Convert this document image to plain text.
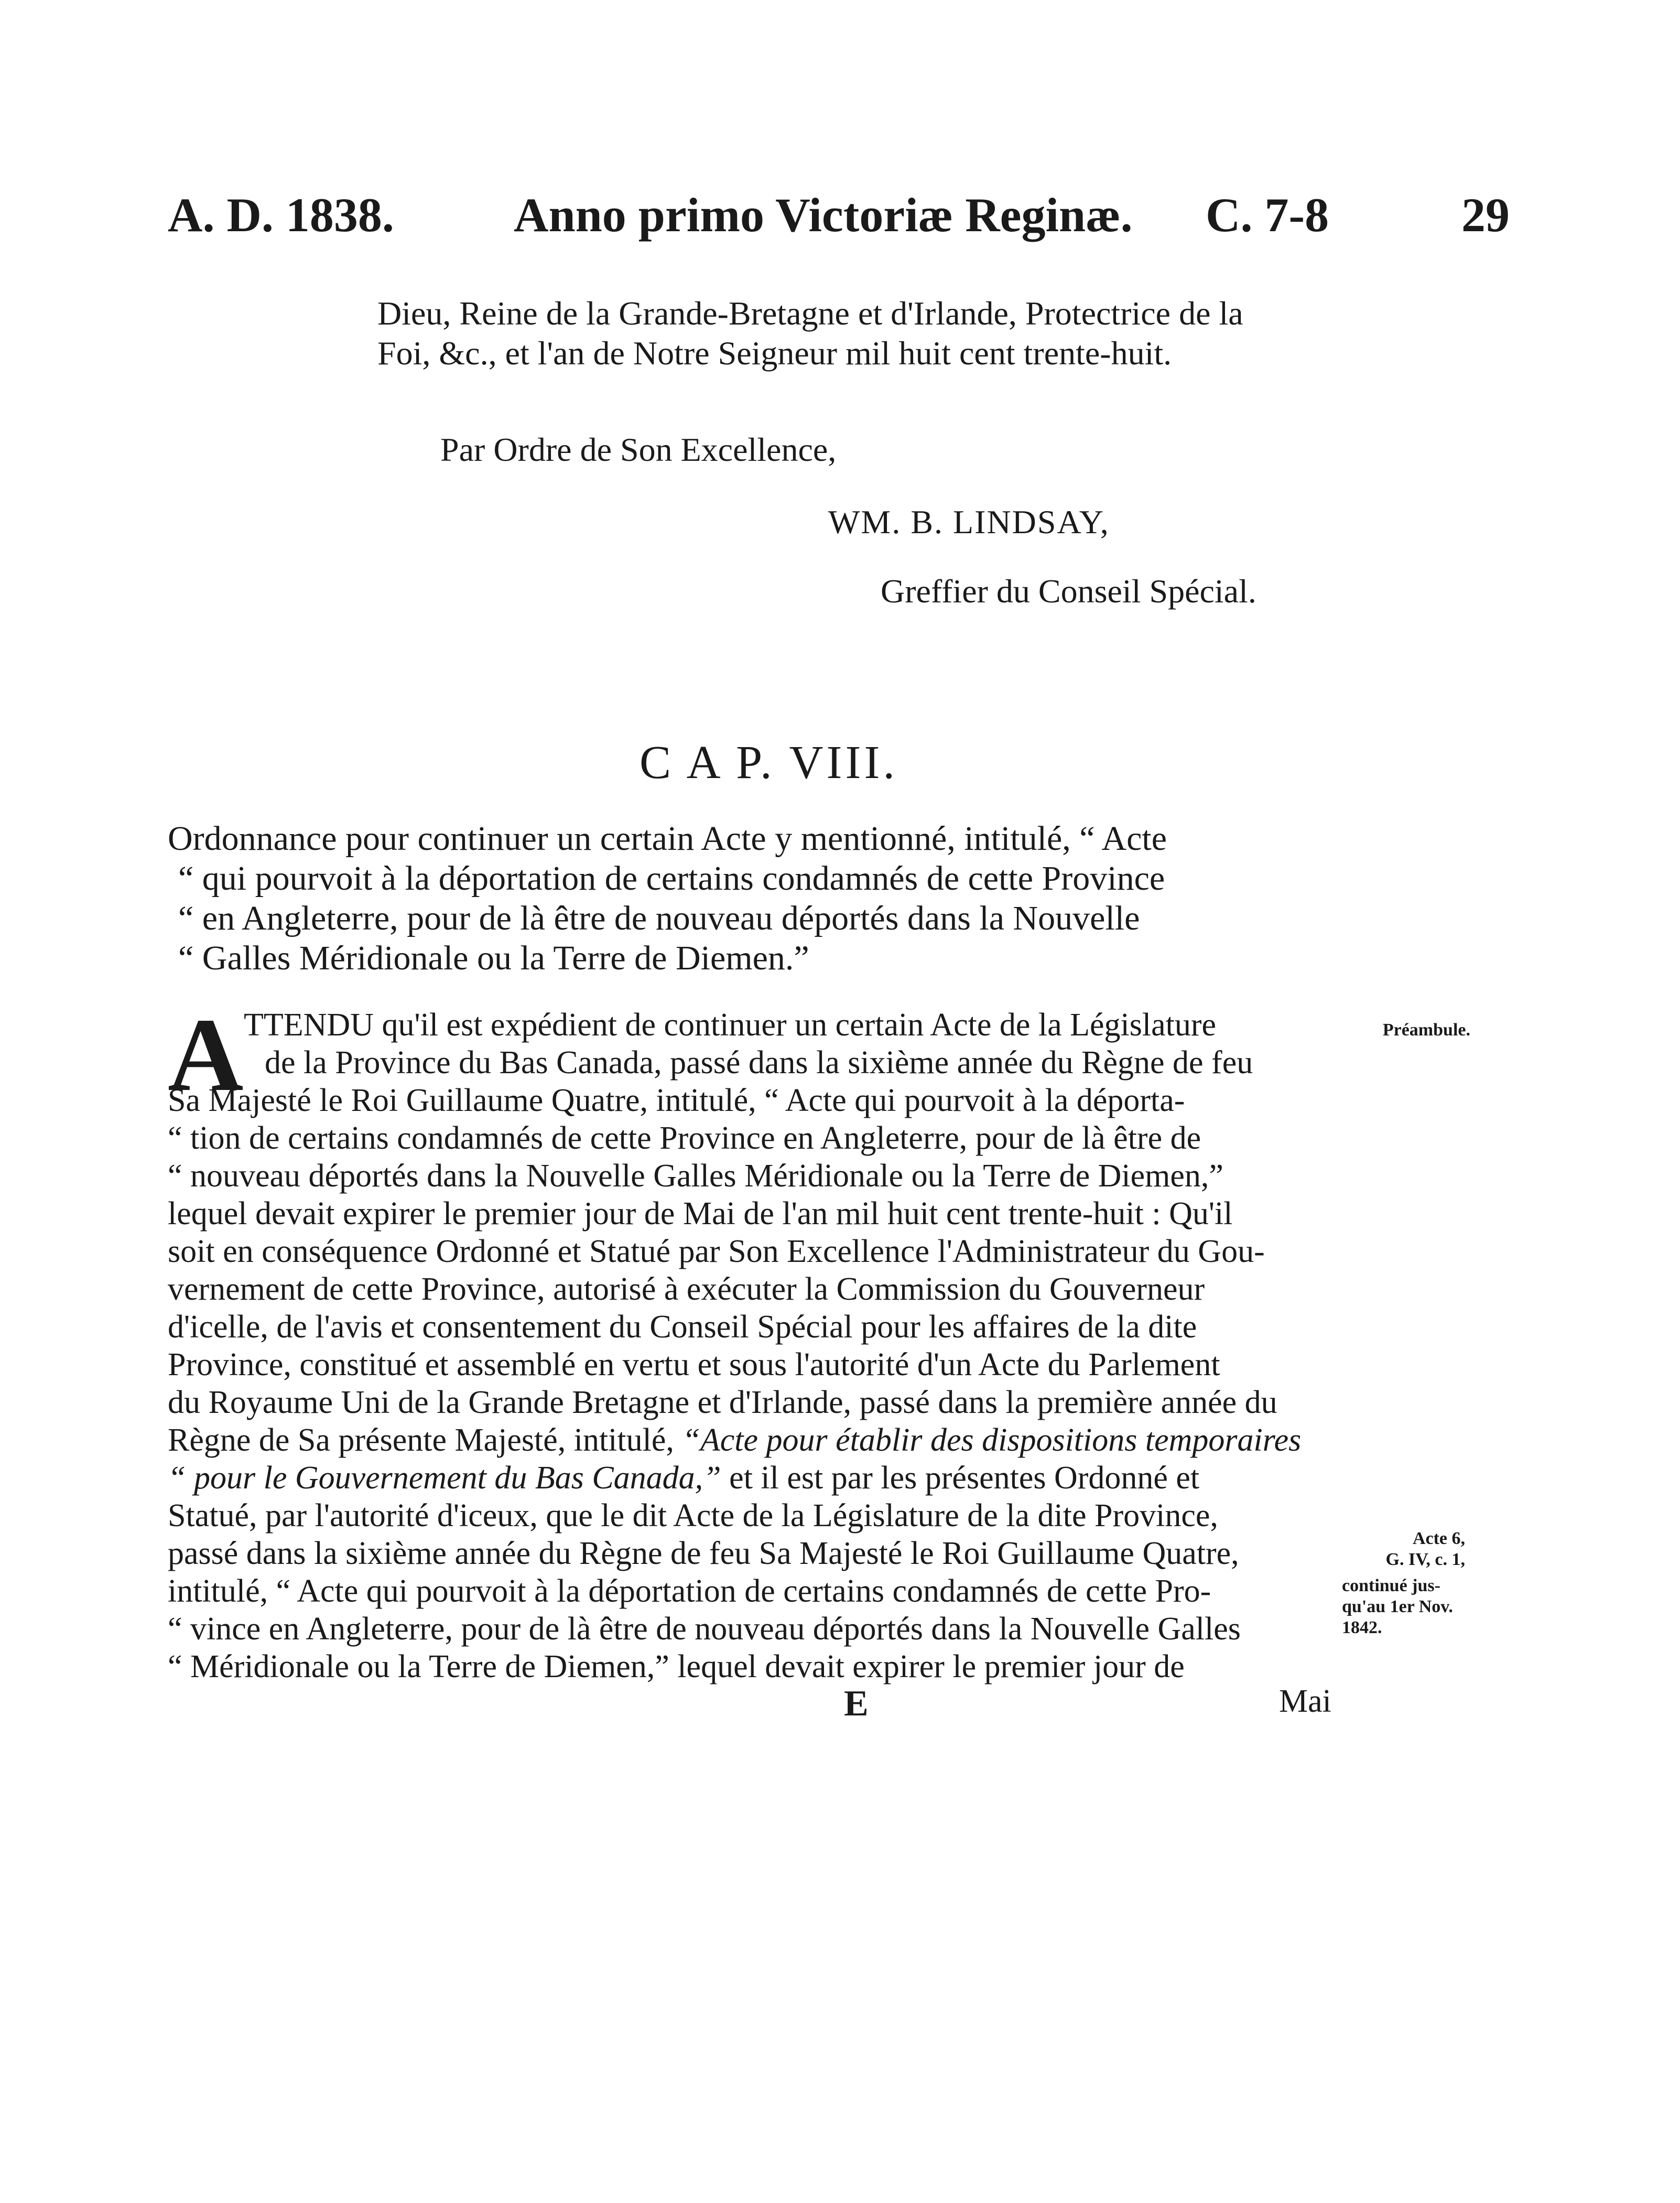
A. D. 1838. Anno primo Victoriæ Reginæ. C. 7-8	29
Dieu, Reine de la Grande-Bretagne et d'Irlande, Protectrice de la
Foi, &c., et l'an de Notre Seigneur mil huit cent trente-huit.
Par Ordre de Son Excellence,
WM. B. LINDSAY,
Greffier du Conseil Spécial.
C A P. VIII.
Ordonnance pour continuer un certain Acte y mentionné, intitulé, “ Acte
“ qui pourvoit à la déportation de certains condamnés de cette Province
“ en Angleterre, pour de là être de nouveau déportés dans la Nouvelle
“ Galles Méridionale ou la Terre de Diemen.”
A TTENDU qu'il est expédient de continuer un certain Acte de la Législature
de la Province du Bas Canada, passé dans la sixième année du Règne de feu
Sa Majesté le Roi Guillaume Quatre, intitulé, “ Acte qui pourvoit à la déporta-
“ tion de certains condamnés de cette Province en Angleterre, pour de là être de
“ nouveau déportés dans la Nouvelle Galles Méridionale ou la Terre de Diemen,”
lequel devait expirer le premier jour de Mai de l'an mil huit cent trente-huit : Qu'il
soit en conséquence Ordonné et Statué par Son Excellence l'Administrateur du Gou-
vernement de cette Province, autorisé à exécuter la Commission du Gouverneur
d'icelle, de l'avis et consentement du Conseil Spécial pour les affaires de la dite
Province, constitué et assemblé en vertu et sous l'autorité d'un Acte du Parlement
du Royaume Uni de la Grande Bretagne et d'Irlande, passé dans la première année du
Règne de Sa présente Majesté, intitulé, “Acte pour établir des dispositions temporaires
“ pour le Gouvernement du Bas Canada,” et il est par les présentes Ordonné et
Statué, par l'autorité d'iceux, que le dit Acte de la Législature de la dite Province,
passé dans la sixième année du Règne de feu Sa Majesté le Roi Guillaume Quatre,
intitulé, “ Acte qui pourvoit à la déportation de certains condamnés de cette Pro-
“ vince en Angleterre, pour de là être de nouveau déportés dans la Nouvelle Galles
“ Méridionale ou la Terre de Diemen,” lequel devait expirer le premier jour de
Mai
Préambule.
Acte 6,
G. IV, c. 1,
continué jus-
qu'au 1er Nov.
1842.
E
